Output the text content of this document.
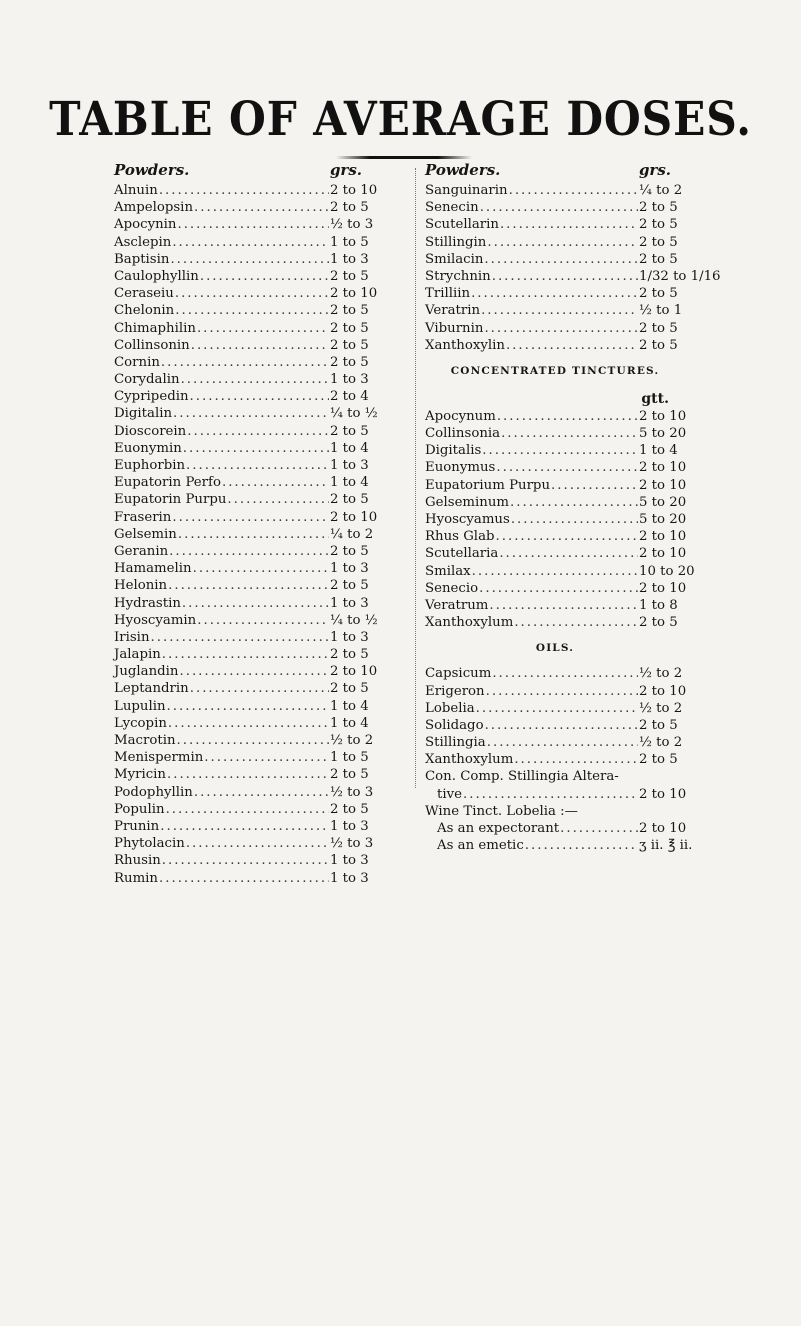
TABLE OF AVERAGE DOSES.
Powders.	grs.
Alnuin .....	2 to 10
Ampelopsin .....	2 to 5
Apocynin .....	½ to 3
Asclepin .....	1 to 5
Baptisin .....	1 to 3
Caulophyllin .....	2 to 5
Ceraseiu .....	2 to 10
Chelonin .....	2 to 5
Chimaphilin .....	2 to 5
Collinsonin .....	2 to 5
Cornin .....	2 to 5
Corydalin .....	1 to 3
Cypripedin .....	2 to 4
Digitalin .....	¼ to ½
Dioscorein .....	2 to 5
Euonymin .....	1 to 4
Euphorbin .....	1 to 3
Eupatorin Perfo .....	1 to 4
Eupatorin Purpu .....	2 to 5
Fraserin .....	2 to 10
Gelsemin .....	¼ to 2
Geranin .....	2 to 5
Hamamelin .....	1 to 3
Helonin .....	2 to 5
Hydrastin .....	1 to 3
Hyoscyamin .....	¼ to ½
Irisin .....	1 to 3
Jalapin .....	2 to 5
Juglandin .....	2 to 10
Leptandrin .....	2 to 5
Lupulin .....	1 to 4
Lycopin .....	1 to 4
Macrotin .....	½ to 2
Menispermin .....	1 to 5
Myricin .....	2 to 5
Podophyllin .....	½ to 3
Populin .....	2 to 5
Prunin .....	1 to 3
Phytolacin .....	½ to 3
Rhusin .....	1 to 3
Rumin .....	1 to 3
Powders.	grs.
Sanguinarin .....	¼ to 2
Senecin .....	2 to 5
Scutellarin .....	2 to 5
Stillingin .....	2 to 5
Smilacin .....	2 to 5
Strychnin .....	1/32 to 1/16
Trilliin .....	2 to 5
Veratrin .....	½ to 1
Viburnin .....	2 to 5
Xanthoxylin .....	2 to 5
CONCENTRATED TINCTURES.
gtt.
Apocynum .....	2 to 10
Collinsonia .....	5 to 20
Digitalis .....	1 to 4
Euonymus .....	2 to 10
Eupatorium Purpu .....	2 to 10
Gelseminum .....	5 to 20
Hyoscyamus .....	5 to 20
Rhus Glab .....	2 to 10
Scutellaria .....	2 to 10
Smilax .....	10 to 20
Senecio .....	2 to 10
Veratrum .....	1 to 8
Xanthoxylum .....	2 to 5
OILS.
Capsicum .....	½ to 2
Erigeron .....	2 to 10
Lobelia .....	½ to 2
Solidago .....	2 to 5
Stillingia .....	½ to 2
Xanthoxylum .....	2 to 5
Con. Comp. Stillingia Altera-
tive .....	2 to 10
Wine Tinct. Lobelia :—
As an expectorant .....	2 to 10
As an emetic .....	ʒ ii. ℥ ii.
